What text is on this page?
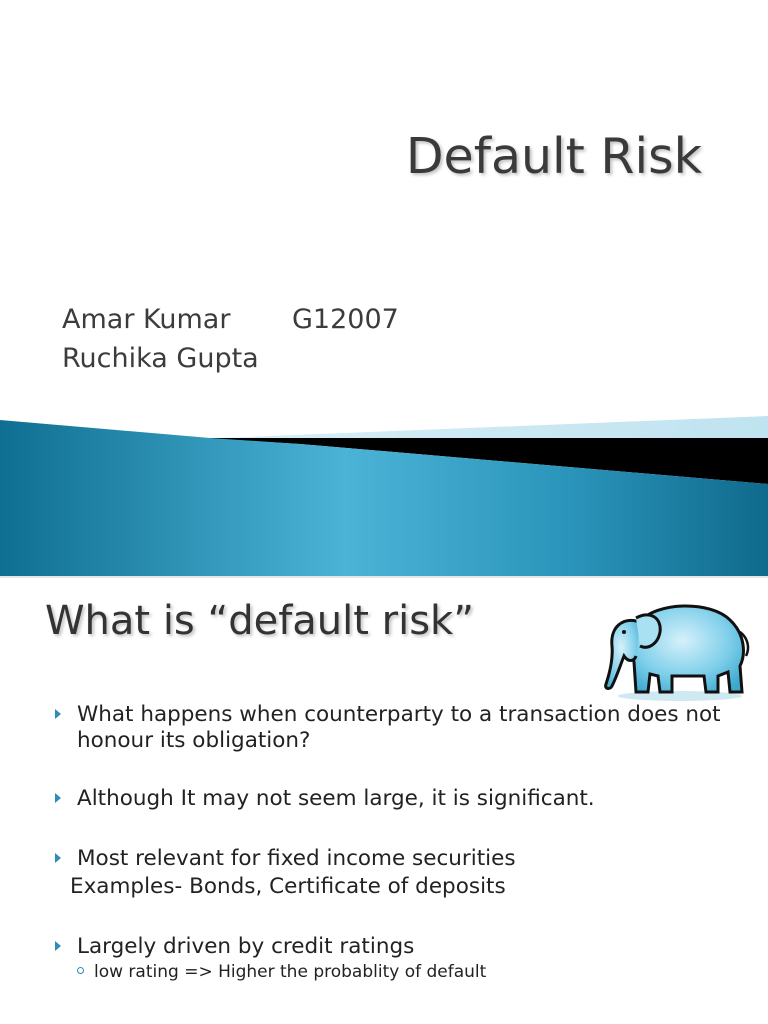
Default Risk
Amar Kumar G12007
Ruchika Gupta
What is “default risk”
What happens when counterparty to a transaction does not honour its obligation?
Although It may not seem large, it is significant.
Most relevant for fixed income securities
Examples- Bonds, Certificate of deposits
Largely driven by credit ratings
low rating => Higher the probablity of default
